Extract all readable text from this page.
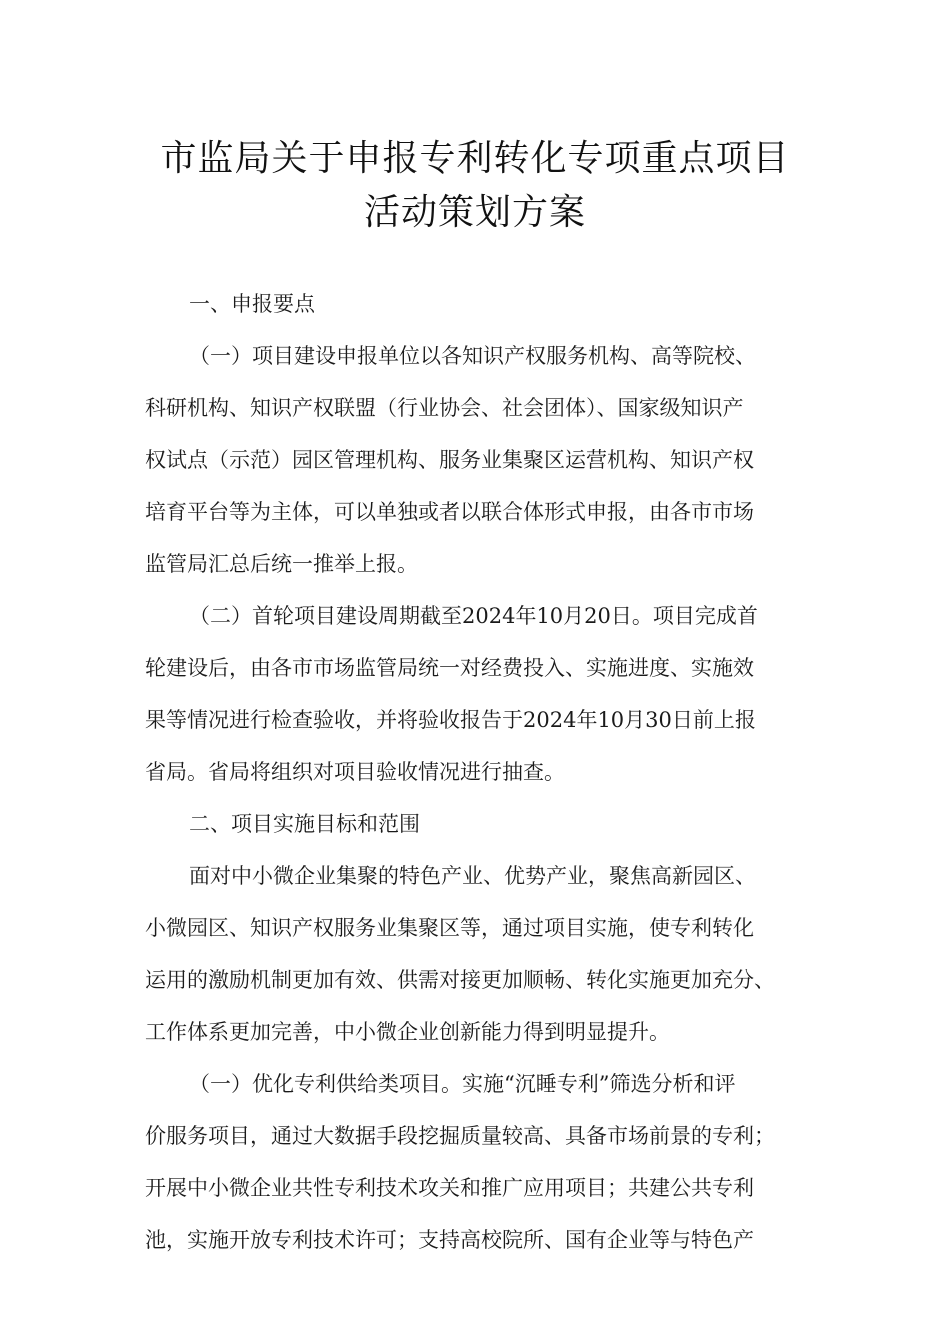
市监局关于申报专利转化专项重点项目
活动策划方案
一、申报要点
（一）项目建设申报单位以各知识产权服务机构、高等院校、
科研机构、知识产权联盟（行业协会、社会团体）、国家级知识产
权试点（示范）园区管理机构、服务业集聚区运营机构、知识产权
培育平台等为主体，可以单独或者以联合体形式申报，由各市市场
监管局汇总后统一推举上报。
（二）首轮项目建设周期截至2024年10月20日。项目完成首
轮建设后，由各市市场监管局统一对经费投入、实施进度、实施效
果等情况进行检查验收，并将验收报告于2024年10月30日前上报
省局。省局将组织对项目验收情况进行抽查。
二、项目实施目标和范围
面对中小微企业集聚的特色产业、优势产业，聚焦高新园区、
小微园区、知识产权服务业集聚区等，通过项目实施，使专利转化
运用的激励机制更加有效、供需对接更加顺畅、转化实施更加充分、
工作体系更加完善，中小微企业创新能力得到明显提升。
（一）优化专利供给类项目。实施“沉睡专利”筛选分析和评
价服务项目，通过大数据手段挖掘质量较高、具备市场前景的专利；
开展中小微企业共性专利技术攻关和推广应用项目；共建公共专利
池，实施开放专利技术许可；支持高校院所、国有企业等与特色产
